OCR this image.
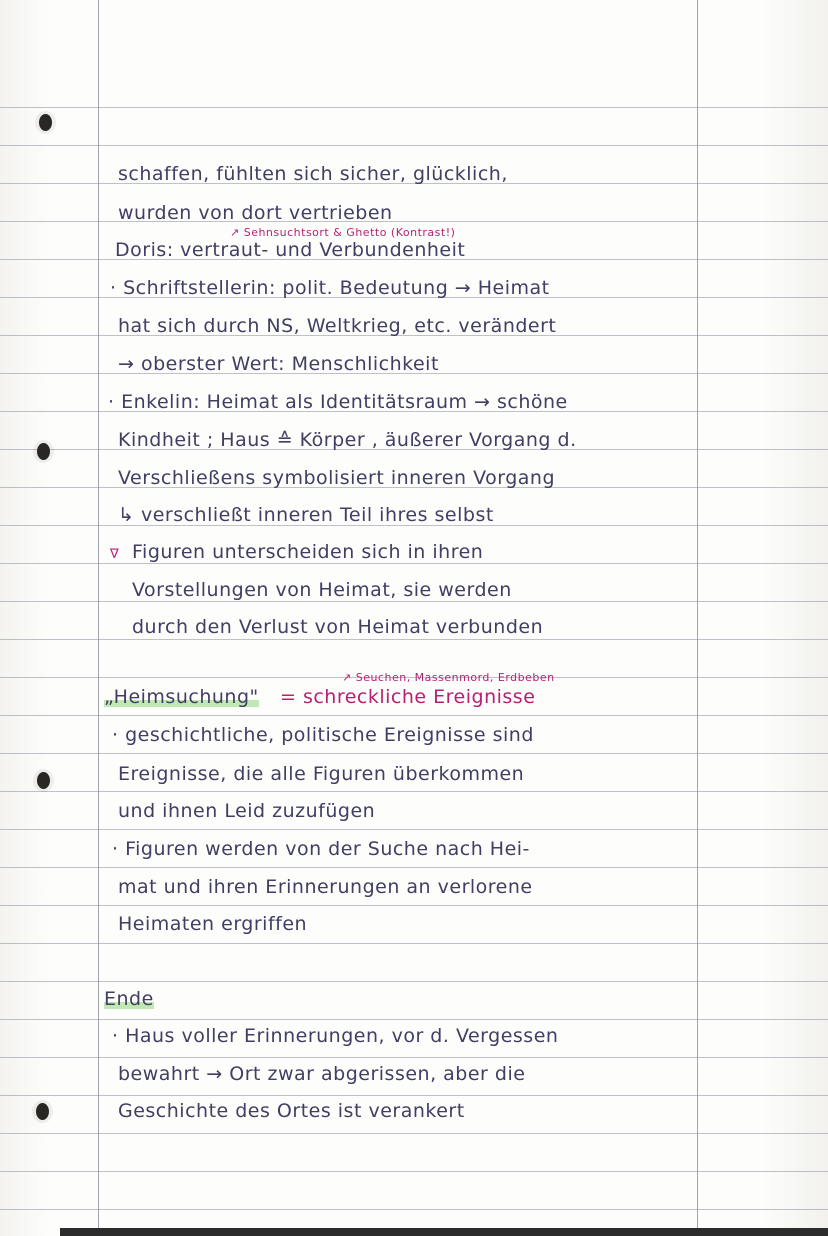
schaffen, fühlten sich sicher, glücklich,
wurden von dort vertrieben
↗ Sehnsuchtsort & Ghetto (Kontrast!)
Doris: vertraut- und Verbundenheit
· Schriftstellerin: polit. Bedeutung → Heimat
hat sich durch NS, Weltkrieg, etc. verändert
→ oberster Wert: Menschlichkeit
· Enkelin: Heimat als Identitätsraum → schöne
Kindheit ; Haus ≙ Körper , äußerer Vorgang d.
Verschließens symbolisiert inneren Vorgang
↳ verschließt inneren Teil ihres selbst
∇ Figuren unterscheiden sich in ihren
Vorstellungen von Heimat, sie werden
durch den Verlust von Heimat verbunden
↗ Seuchen, Massenmord, Erdbeben
„Heimsuchung" = schreckliche Ereignisse
· geschichtliche, politische Ereignisse sind
Ereignisse, die alle Figuren überkommen
und ihnen Leid zuzufügen
· Figuren werden von der Suche nach Hei-
mat und ihren Erinnerungen an verlorene
Heimaten ergriffen
Ende
· Haus voller Erinnerungen, vor d. Vergessen
bewahrt → Ort zwar abgerissen, aber die
Geschichte des Ortes ist verankert
